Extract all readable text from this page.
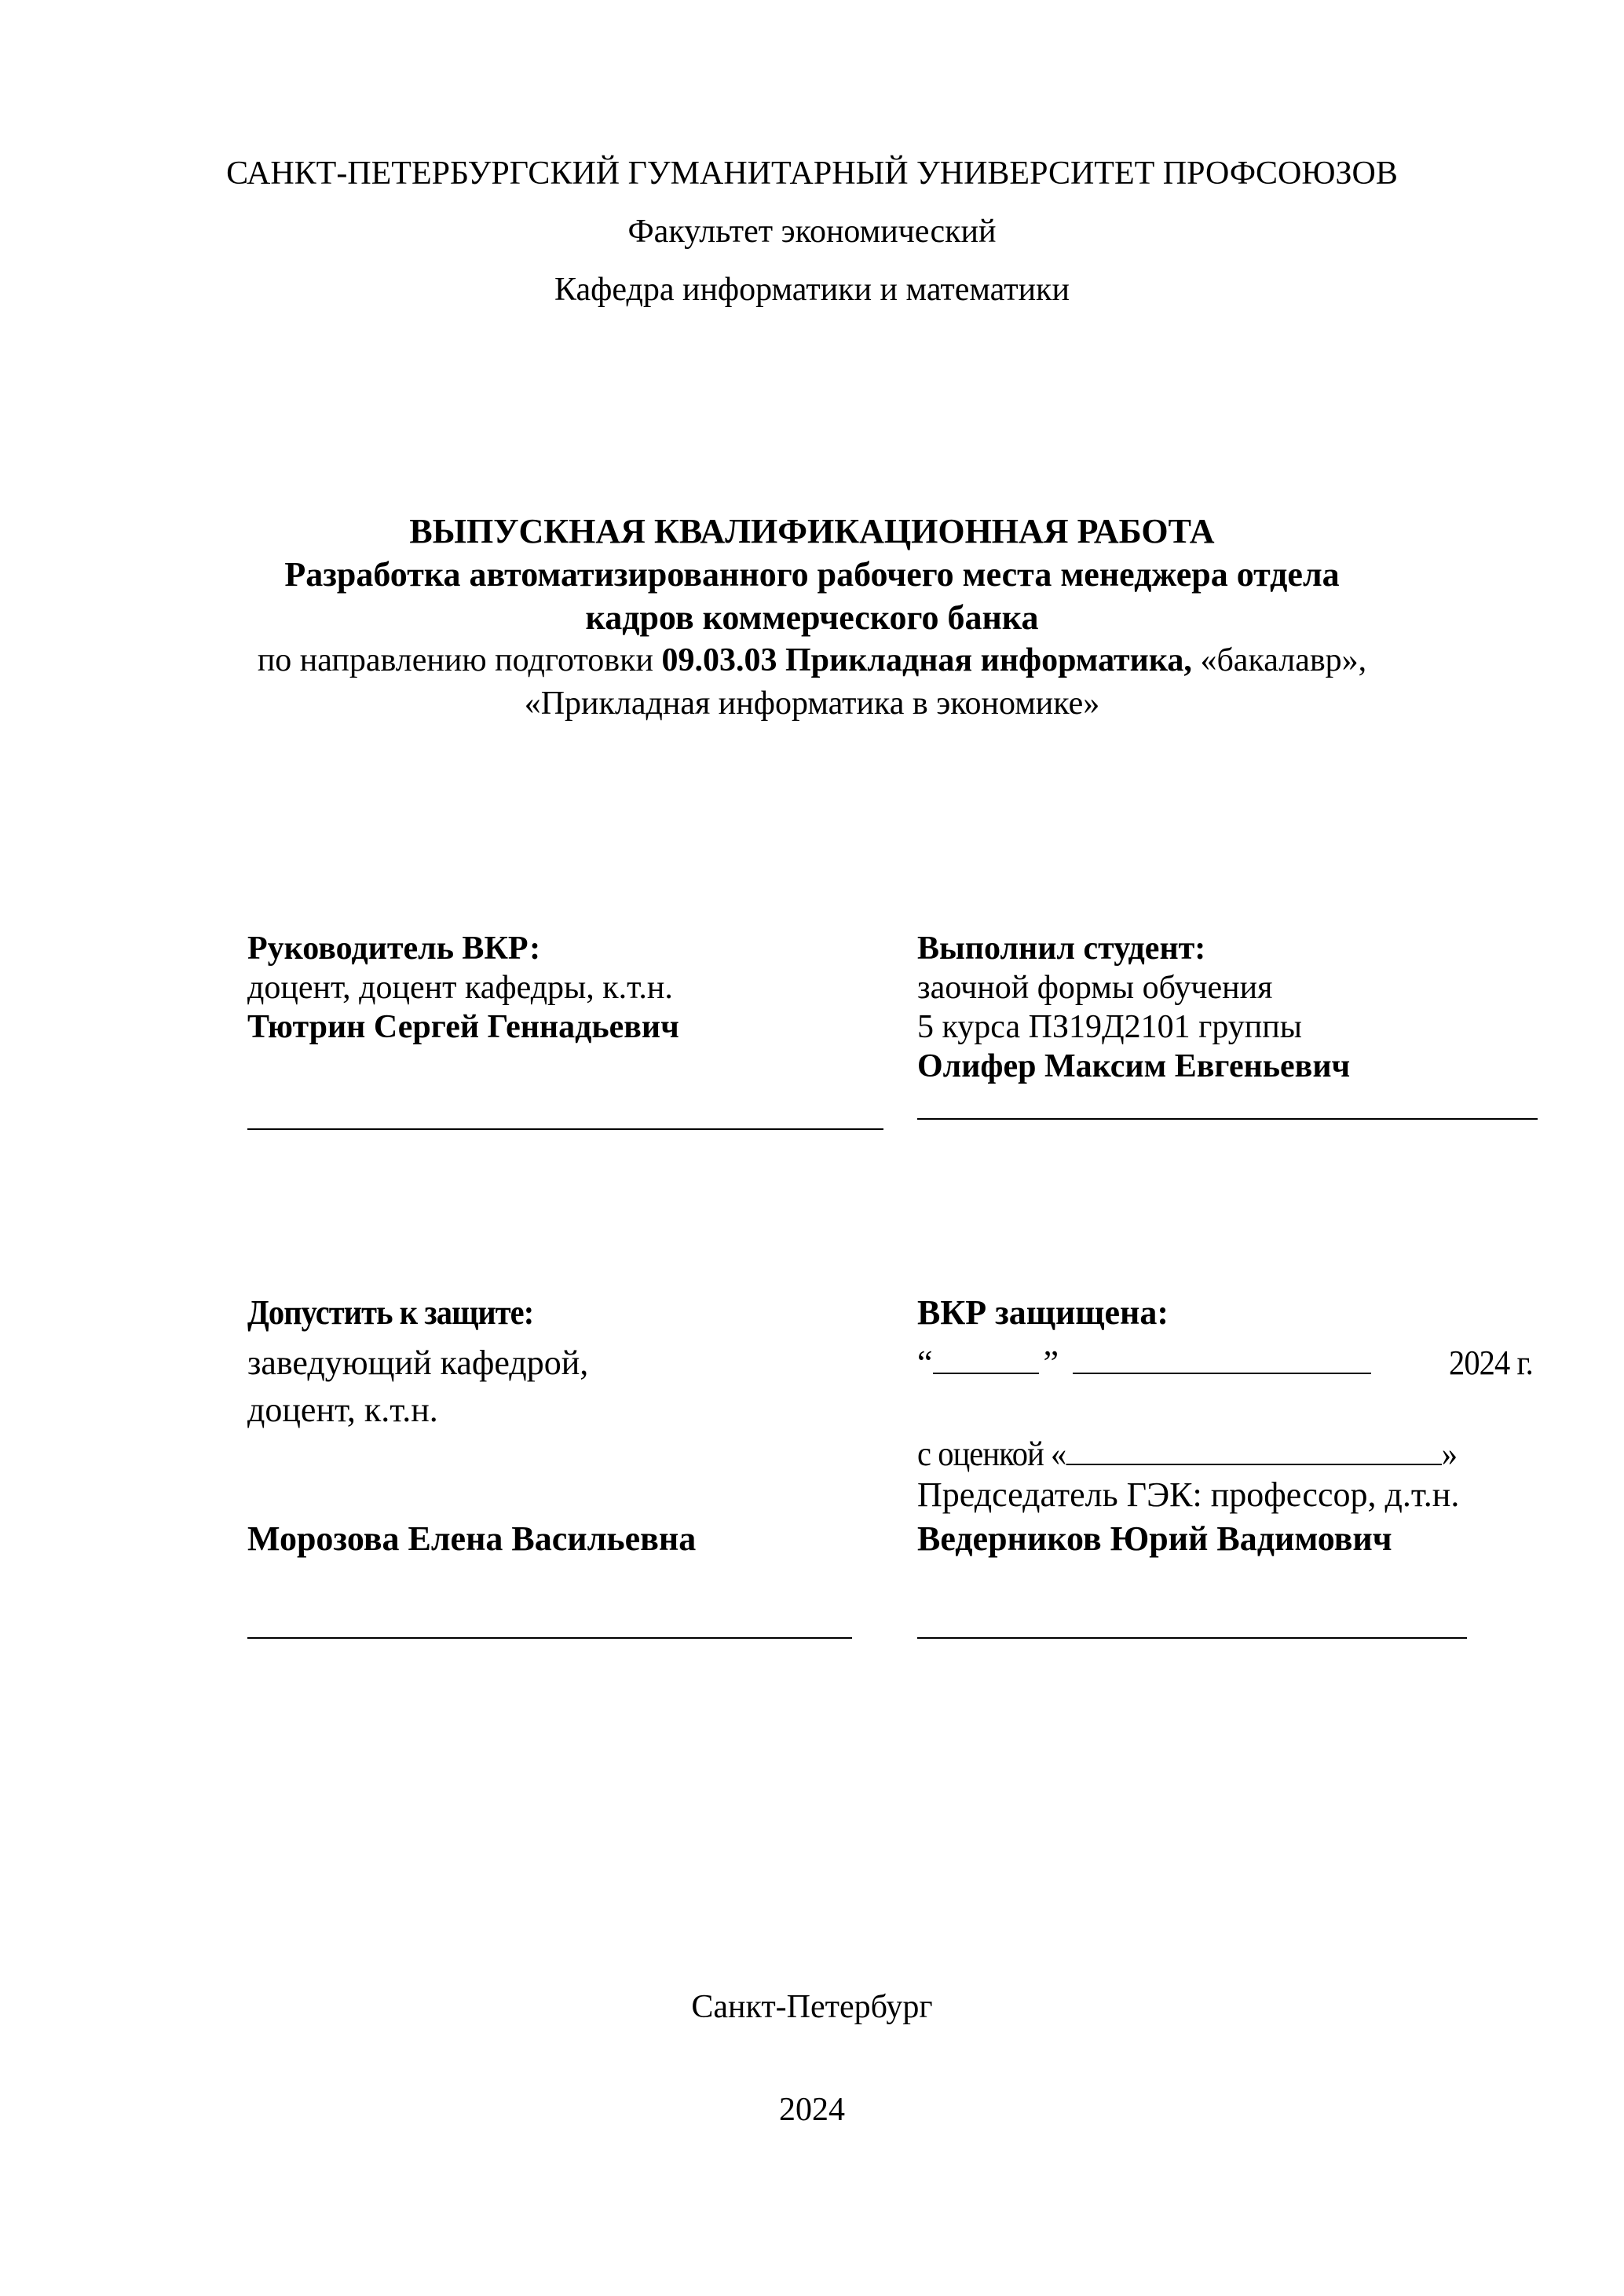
САНКТ-ПЕТЕРБУРГСКИЙ ГУМАНИТАРНЫЙ УНИВЕРСИТЕТ ПРОФСОЮЗОВ
Факультет экономический
Кафедра информатики и математики
ВЫПУСКНАЯ КВАЛИФИКАЦИОННАЯ РАБОТА
Разработка автоматизированного рабочего места менеджера отдела
кадров коммерческого банка
по направлению подготовки 09.03.03 Прикладная информатика, «бакалавр»,
«Прикладная информатика в экономике»
Руководитель ВКР:
доцент, доцент кафедры, к.т.н.
Тютрин Сергей Геннадьевич
Выполнил студент:
заочной формы обучения
5 курса ПЗ19Д2101 группы
Олифер Максим Евгеньевич
Допустить к защите:
заведующий кафедрой,
доцент, к.т.н.
Морозова Елена Васильевна
ВКР защищена:
“	”	2024 г.
с оценкой «	»
Председатель ГЭК: профессор, д.т.н.
Ведерников Юрий Вадимович
Санкт-Петербург
2024
